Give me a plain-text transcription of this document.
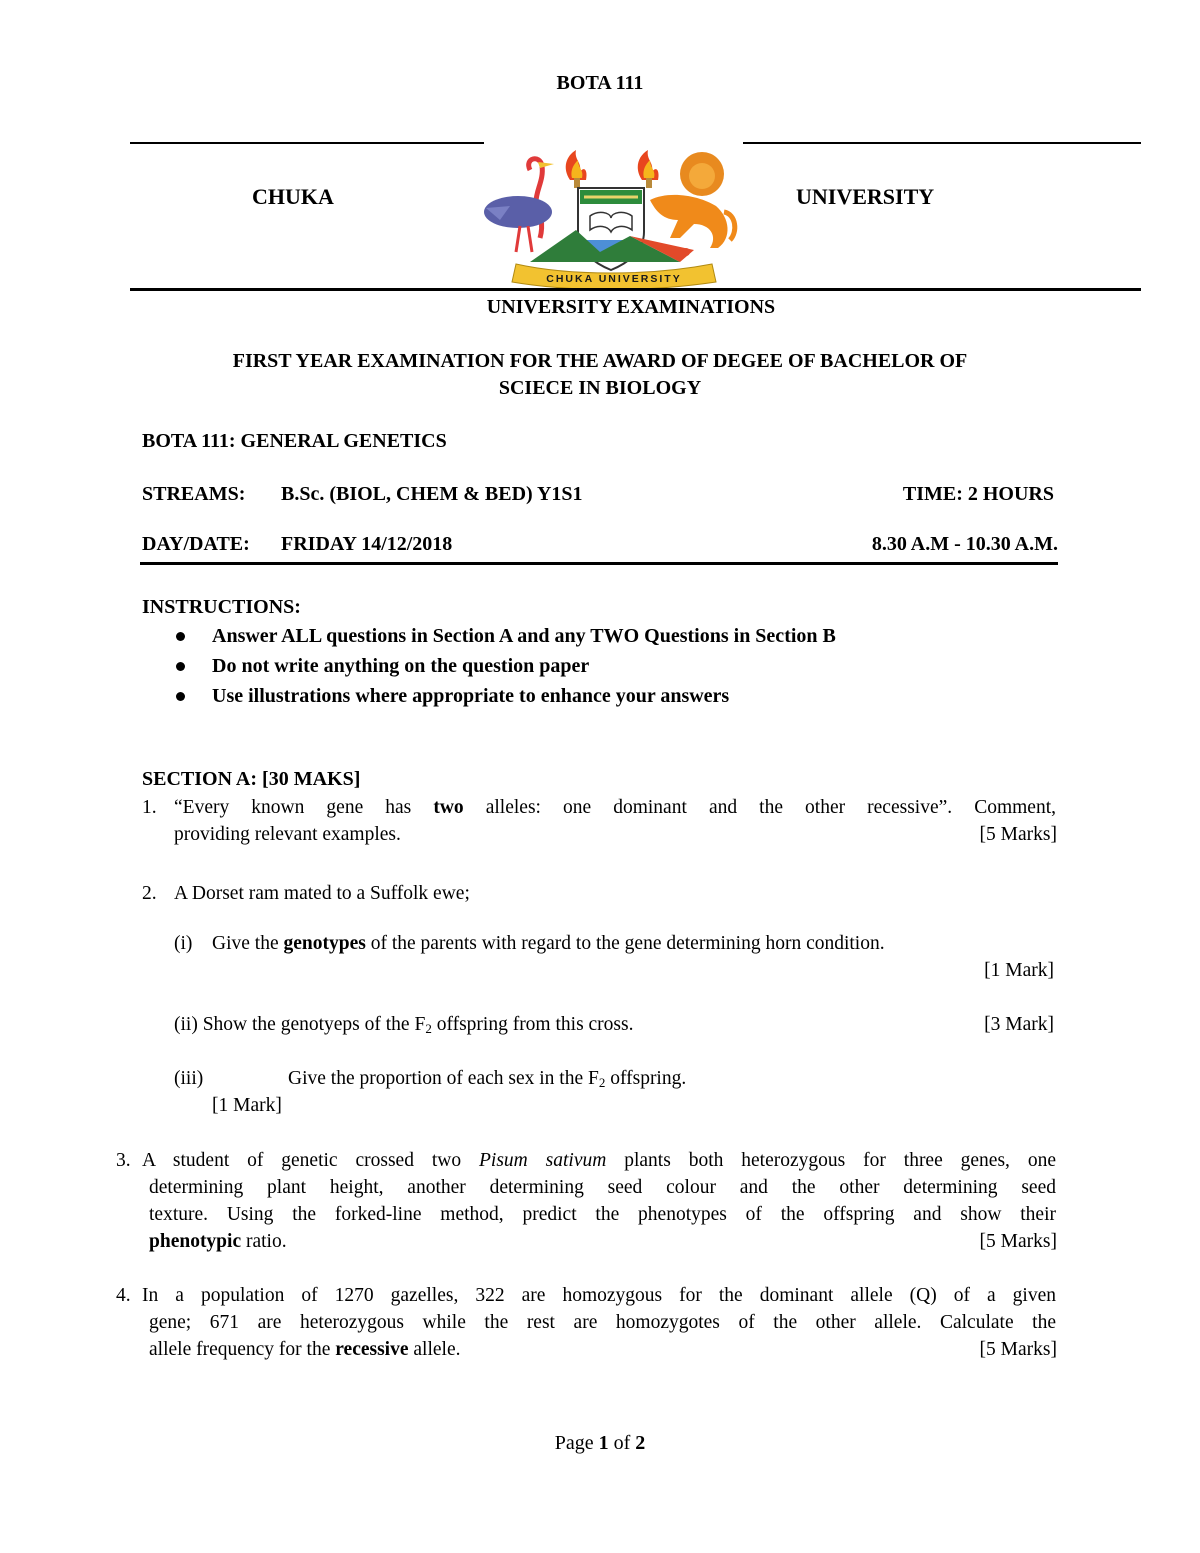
BOTA 111
CHUKA	UNIVERSITY
CHUKA UNIVERSITY
UNIVERSITY EXAMINATIONS
FIRST YEAR EXAMINATION FOR THE AWARD OF DEGEE OF BACHELOR OF
SCIECE IN BIOLOGY
BOTA 111: GENERAL GENETICS
STREAMS: B.Sc. (BIOL, CHEM & BED) Y1S1	TIME: 2 HOURS
DAY/DATE: FRIDAY 14/12/2018	8.30 A.M - 10.30 A.M.
INSTRUCTIONS:
Answer ALL questions in Section A and any TWO Questions in Section B
Do not write anything on the question paper
Use illustrations where appropriate to enhance your answers
SECTION A: [30 MAKS]
1. “Every known gene has two alleles: one dominant and the other recessive”. Comment,
providing relevant examples.	[5 Marks]
2. A Dorset ram mated to a Suffolk ewe;
(i) Give the genotypes of the parents with regard to the gene determining horn condition.
[1 Mark]
(ii) Show the genotyeps of the $F_2$ offspring from this cross.	[3 Mark]
(iii)	Give the proportion of each sex in the $F_2$ offspring.
[1 Mark]
3. A student of genetic crossed two Pisum sativum plants both heterozygous for three genes, one
determining plant height, another determining seed colour and the other determining seed
texture. Using the forked-line method, predict the phenotypes of the offspring and show their
phenotypic ratio.	[5 Marks]
4. In a population of 1270 gazelles, 322 are homozygous for the dominant allele (Q) of a given
gene; 671 are heterozygous while the rest are homozygotes of the other allele. Calculate the
allele frequency for the recessive allele.	[5 Marks]
Page 1 of 2
